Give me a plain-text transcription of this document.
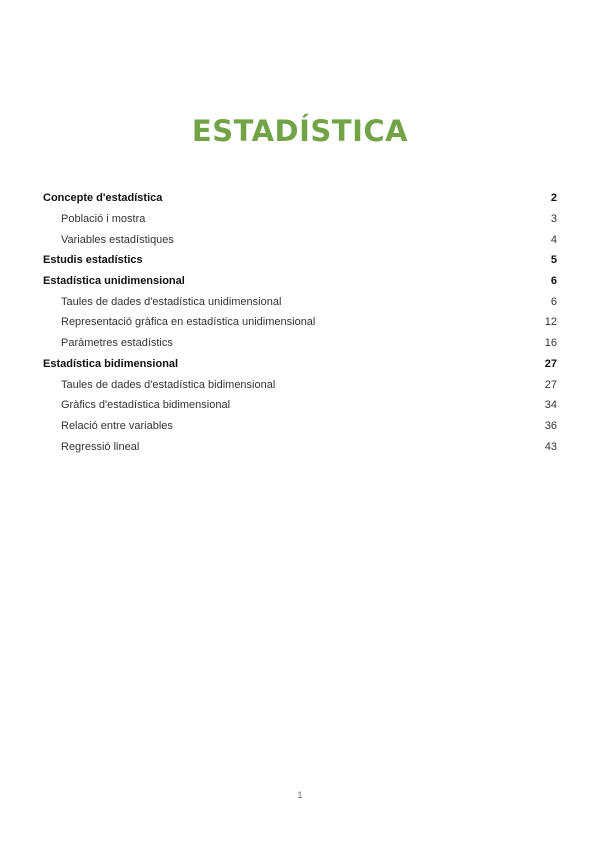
ESTADÍSTICA
Concepte d'estadística	2
Població i mostra	3
Variables estadístiques	4
Estudis estadístics	5
Estadística unidimensional	6
Taules de dades d'estadística unidimensional	6
Representació gràfica en estadística unidimensional	12
Paràmetres estadístics	16
Estadística bidimensional	27
Taules de dades d'estadística bidimensional	27
Gràfics d'estadística bidimensional	34
Relació entre variables	36
Regressió lineal	43
1
